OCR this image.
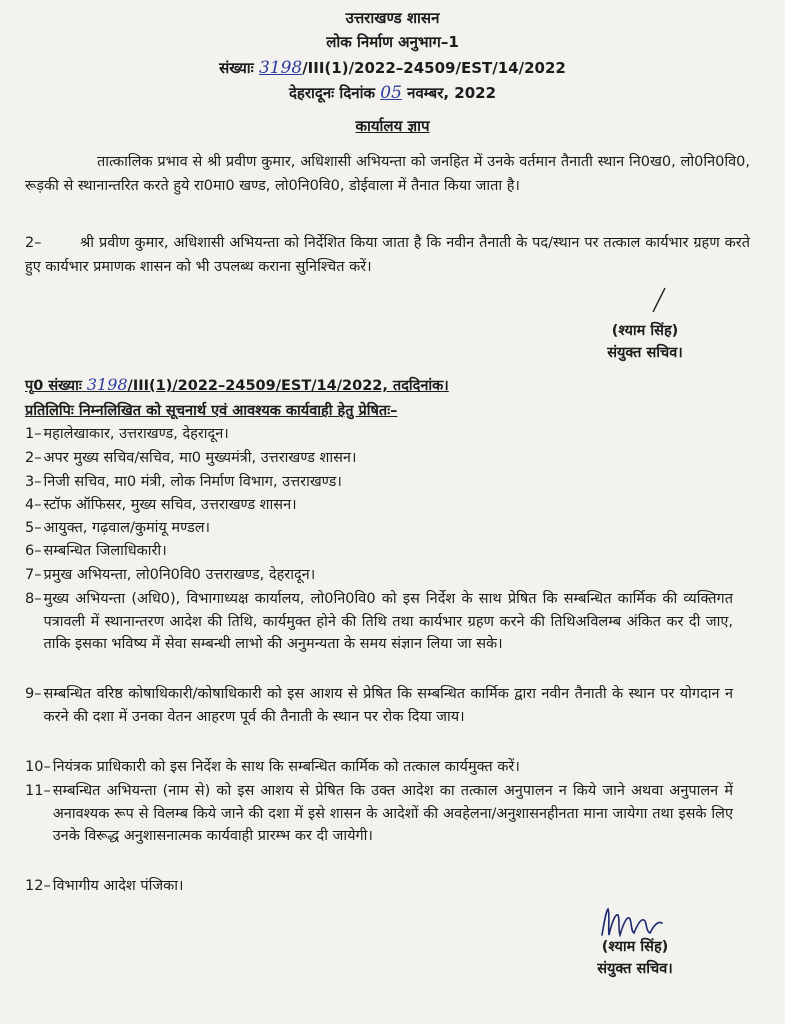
उत्तराखण्ड शासन
लोक निर्माण अनुभाग–1
संख्याः 3198/III(1)/2022–24509/EST/14/2022
देहरादूनः दिनांक 05 नवम्बर, 2022
कार्यालय ज्ञाप
तात्कालिक प्रभाव से श्री प्रवीण कुमार, अधिशासी अभियन्ता को जनहित में उनके वर्तमान तैनाती स्थान नि0ख0, लो0नि0वि0, रूड़की से स्थानान्तरित करते हुये रा0मा0 खण्ड, लो0नि0वि0, डोईवाला में तैनात किया जाता है।
2–	श्री प्रवीण कुमार, अधिशासी अभियन्ता को निर्देशित किया जाता है कि नवीन तैनाती के पद/स्थान पर तत्काल कार्यभार ग्रहण करते हुए कार्यभार प्रमाणक शासन को भी उपलब्ध कराना सुनिश्चित करें।
(श्याम सिंह)
संयुक्त सचिव।
पृ0 संख्याः 3198/III(1)/2022–24509/EST/14/2022, तददिनांक।
प्रतिलिपिः निम्नलिखित को सूचनार्थ एवं आवश्यक कार्यवाही हेतु प्रेषितः–
1– महालेखाकार, उत्तराखण्ड, देहरादून।
2– अपर मुख्य सचिव/सचिव, मा0 मुख्यमंत्री, उत्तराखण्ड शासन।
3– निजी सचिव, मा0 मंत्री, लोक निर्माण विभाग, उत्तराखण्ड।
4– स्टॉफ ऑफिसर, मुख्य सचिव, उत्तराखण्ड शासन।
5– आयुक्त, गढ़वाल/कुमांयू मण्डल।
6– सम्बन्धित जिलाधिकारी।
7– प्रमुख अभियन्ता, लो0नि0वि0 उत्तराखण्ड, देहरादून।
8– मुख्य अभियन्ता (अधि0), विभागाध्यक्ष कार्यालय, लो0नि0वि0 को इस निर्देश के साथ प्रेषित कि सम्बन्धित कार्मिक की व्यक्तिगत पत्रावली में स्थानान्तरण आदेश की तिथि, कार्यमुक्त होने की तिथि तथा कार्यभार ग्रहण करने की तिथिअविलम्ब अंकित कर दी जाए, ताकि इसका भविष्य में सेवा सम्बन्धी लाभो की अनुमन्यता के समय संज्ञान लिया जा सके।
9– सम्बन्धित वरिष्ठ कोषाधिकारी/कोषाधिकारी को इस आशय से प्रेषित कि सम्बन्धित कार्मिक द्वारा नवीन तैनाती के स्थान पर योगदान न करने की दशा में उनका वेतन आहरण पूर्व की तैनाती के स्थान पर रोक दिया जाय।
10– नियंत्रक प्राधिकारी को इस निर्देश के साथ कि सम्बन्धित कार्मिक को तत्काल कार्यमुक्त करें।
11– सम्बन्धित अभियन्ता (नाम से) को इस आशय से प्रेषित कि उक्त आदेश का तत्काल अनुपालन न किये जाने अथवा अनुपालन में अनावश्यक रूप से विलम्ब किये जाने की दशा में इसे शासन के आदेशों की अवहेलना/अनुशासनहीनता माना जायेगा तथा इसके लिए उनके विरूद्ध अनुशासनात्मक कार्यवाही प्रारम्भ कर दी जायेगी।
12– विभागीय आदेश पंजिका।
(श्याम सिंह)
संयुक्त सचिव।
